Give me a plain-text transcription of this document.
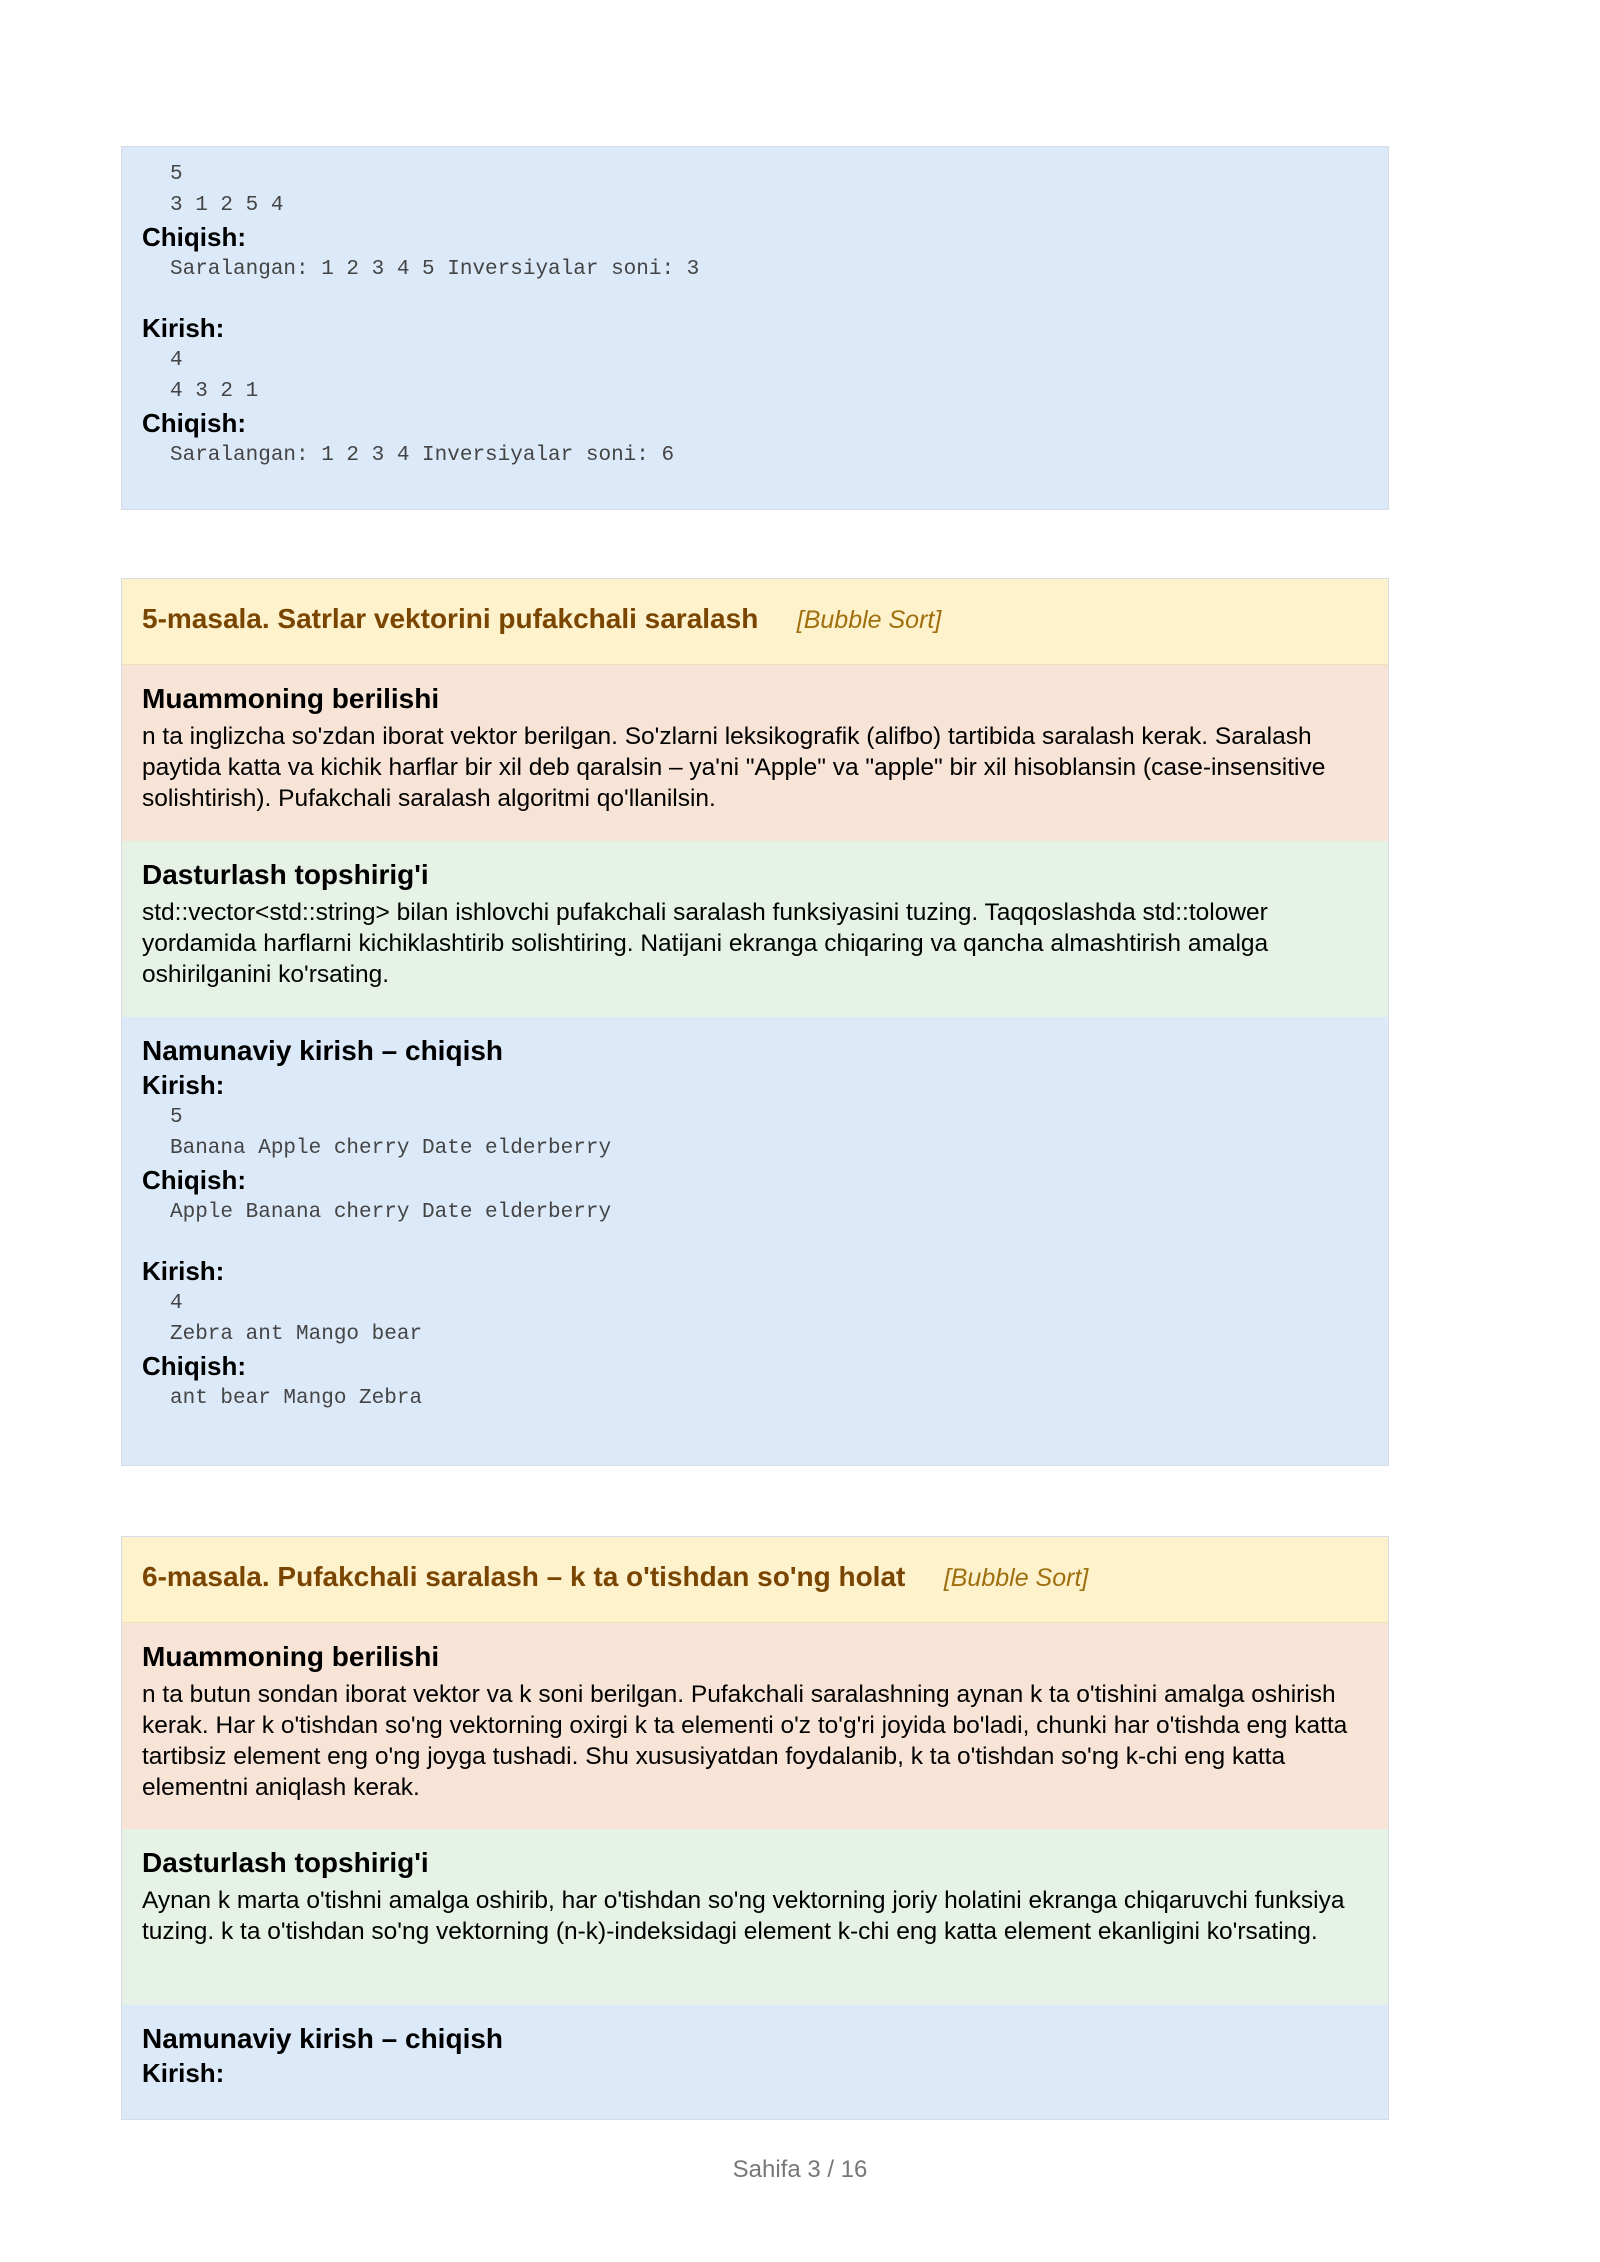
5
3 1 2 5 4
Chiqish:
Saralangan: 1 2 3 4 5 Inversiyalar soni: 3
Kirish:
4
4 3 2 1
Chiqish:
Saralangan: 1 2 3 4 Inversiyalar soni: 6
5-masala. Satrlar vektorini pufakchali saralash [Bubble Sort]
Muammoning berilishi
n ta inglizcha so'zdan iborat vektor berilgan. So'zlarni leksikografik (alifbo) tartibida saralash kerak. Saralash paytida katta va kichik harflar bir xil deb qaralsin – ya'ni "Apple" va "apple" bir xil hisoblansin (case-insensitive solishtirish). Pufakchali saralash algoritmi qo'llanilsin.
Dasturlash topshirig'i
std::vector<std::string> bilan ishlovchi pufakchali saralash funksiyasini tuzing. Taqqoslashda std::tolower yordamida harflarni kichiklashtirib solishtiring. Natijani ekranga chiqaring va qancha almashtirish amalga oshirilganini ko'rsating.
Namunaviy kirish – chiqish
Kirish:
5
Banana Apple cherry Date elderberry
Chiqish:
Apple Banana cherry Date elderberry
Kirish:
4
Zebra ant Mango bear
Chiqish:
ant bear Mango Zebra
6-masala. Pufakchali saralash – k ta o'tishdan so'ng holat [Bubble Sort]
Muammoning berilishi
n ta butun sondan iborat vektor va k soni berilgan. Pufakchali saralashning aynan k ta o'tishini amalga oshirish kerak. Har k o'tishdan so'ng vektorning oxirgi k ta elementi o'z to'g'ri joyida bo'ladi, chunki har o'tishda eng katta tartibsiz element eng o'ng joyga tushadi. Shu xususiyatdan foydalanib, k ta o'tishdan so'ng k-chi eng katta elementni aniqlash kerak.
Dasturlash topshirig'i
Aynan k marta o'tishni amalga oshirib, har o'tishdan so'ng vektorning joriy holatini ekranga chiqaruvchi funksiya tuzing. k ta o'tishdan so'ng vektorning (n-k)-indeksidagi element k-chi eng katta element ekanligini ko'rsating.
Namunaviy kirish – chiqish
Kirish:
Sahifa 3 / 16
